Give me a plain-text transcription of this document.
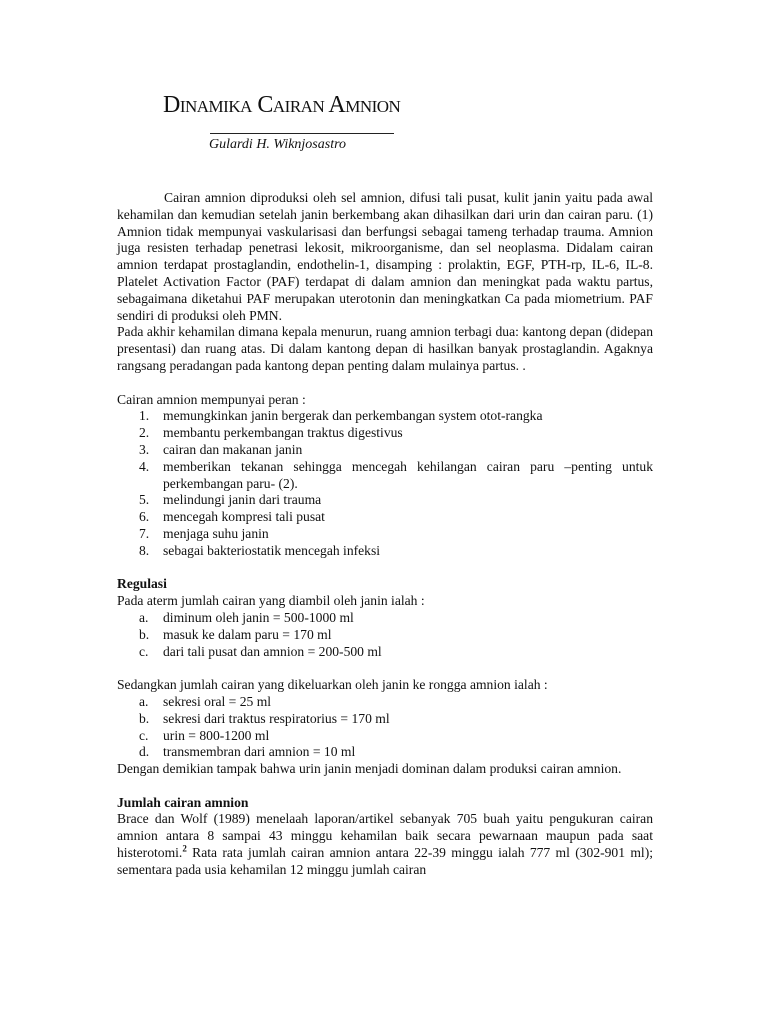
Dinamika Cairan Amnion
Gulardi H. Wiknjosastro

Cairan amnion diproduksi oleh sel amnion, difusi tali pusat, kulit janin yaitu pada awal kehamilan dan kemudian setelah janin berkembang akan dihasilkan dari urin dan cairan paru. (1) Amnion tidak mempunyai vaskularisasi dan berfungsi sebagai tameng terhadap trauma. Amnion juga resisten terhadap penetrasi lekosit, mikroorganisme, dan sel neoplasma. Didalam cairan amnion terdapat prostaglandin, endothelin-1, disamping : prolaktin, EGF, PTH-rp, IL-6, IL-8. Platelet Activation Factor (PAF) terdapat di dalam amnion dan meningkat pada waktu partus, sebagaimana diketahui PAF merupakan uterotonin dan meningkatkan Ca pada miometrium. PAF sendiri di produksi oleh PMN.

Pada akhir kehamilan dimana kepala menurun, ruang amnion terbagi dua: kantong depan (didepan presentasi) dan ruang atas. Di dalam kantong depan di hasilkan banyak prostaglandin. Agaknya rangsang peradangan pada kantong depan penting dalam mulainya partus. .

Cairan amnion mempunyai peran :

1. memungkinkan janin bergerak dan perkembangan system otot-rangka
2. membantu perkembangan traktus digestivus
3. cairan dan makanan janin
4. memberikan tekanan sehingga mencegah kehilangan cairan paru –penting untuk perkembangan paru- (2).
5. melindungi janin dari trauma
6. mencegah kompresi tali pusat
7. menjaga suhu janin
8. sebagai bakteriostatik mencegah infeksi

Regulasi

Pada aterm jumlah cairan yang diambil oleh janin ialah :

a. diminum oleh janin = 500-1000 ml
b. masuk ke dalam paru = 170 ml
c. dari tali pusat dan amnion = 200-500 ml

Sedangkan jumlah cairan yang dikeluarkan oleh janin ke rongga amnion ialah :

a. sekresi oral = 25 ml
b. sekresi dari traktus respiratorius = 170 ml
c. urin = 800-1200 ml
d. transmembran dari amnion = 10 ml

Dengan demikian tampak bahwa urin janin menjadi dominan dalam produksi cairan amnion.

Jumlah cairan amnion

Brace dan Wolf (1989) menelaah laporan/artikel sebanyak 705 buah yaitu pengukuran cairan amnion antara 8 sampai 43 minggu kehamilan baik secara pewarnaan maupun pada saat histerotomi.$^2$ Rata rata jumlah cairan amnion antara 22-39 minggu ialah 777 ml (302-901 ml); sementara pada usia kehamilan 12 minggu jumlah cairan
